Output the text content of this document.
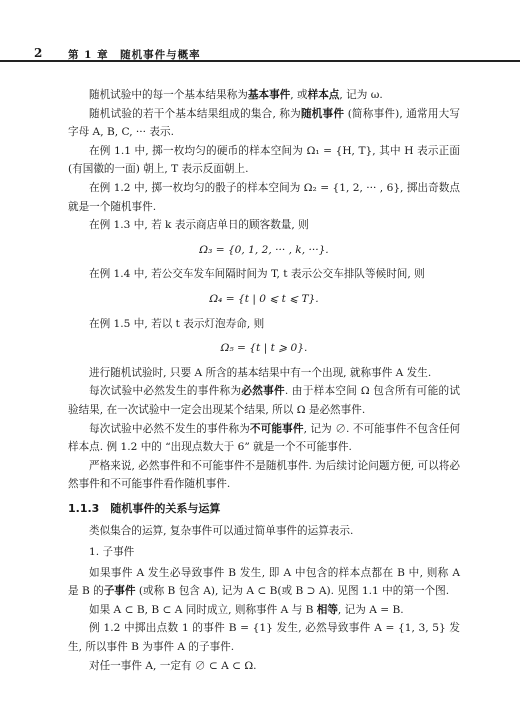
2 第 1 章　随机事件与概率

随机试验中的每一个基本结果称为基本事件, 或样本点, 记为 ω.

随机试验的若干个基本结果组成的集合, 称为随机事件 (简称事件), 通常用大写字母 A, B, C, ··· 表示.

在例 1.1 中, 掷一枚均匀的硬币的样本空间为 Ω₁ = {H, T}, 其中 H 表示正面 (有国徽的一面) 朝上, T 表示反面朝上.

在例 1.2 中, 掷一枚均匀的骰子的样本空间为 Ω₂ = {1, 2, ··· , 6}, 掷出奇数点就是一个随机事件.

在例 1.3 中, 若 k 表示商店单日的顾客数量, 则

Ω₃ = {0, 1, 2, ··· , k, ···}.

在例 1.4 中, 若公交车发车间隔时间为 T, t 表示公交车排队等候时间, 则

Ω₄ = {t | 0 ⩽ t ⩽ T}.

在例 1.5 中, 若以 t 表示灯泡寿命, 则

Ω₅ = {t | t ⩾ 0}.

进行随机试验时, 只要 A 所含的基本结果中有一个出现, 就称事件 A 发生.

每次试验中必然发生的事件称为必然事件. 由于样本空间 Ω 包含所有可能的试验结果, 在一次试验中一定会出现某个结果, 所以 Ω 是必然事件.

每次试验中必然不发生的事件称为不可能事件, 记为 ∅. 不可能事件不包含任何样本点. 例 1.2 中的 “出现点数大于 6” 就是一个不可能事件.

严格来说, 必然事件和不可能事件不是随机事件. 为后续讨论问题方便, 可以将必然事件和不可能事件看作随机事件.

1.1.3　随机事件的关系与运算

类似集合的运算, 复杂事件可以通过简单事件的运算表示.

1. 子事件

如果事件 A 发生必导致事件 B 发生, 即 A 中包含的样本点都在 B 中, 则称 A 是 B 的子事件 (或称 B 包含 A), 记为 A ⊂ B(或 B ⊃ A). 见图 1.1 中的第一个图.

如果 A ⊂ B, B ⊂ A 同时成立, 则称事件 A 与 B 相等, 记为 A = B.

例 1.2 中掷出点数 1 的事件 B = {1} 发生, 必然导致事件 A = {1, 3, 5} 发生, 所以事件 B 为事件 A 的子事件.

对任一事件 A, 一定有 ∅ ⊂ A ⊂ Ω.
